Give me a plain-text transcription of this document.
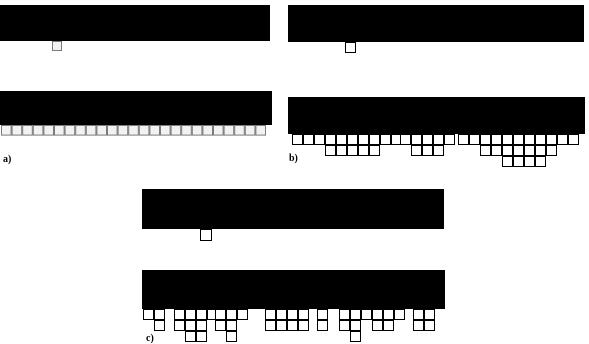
a)	b)
c)
